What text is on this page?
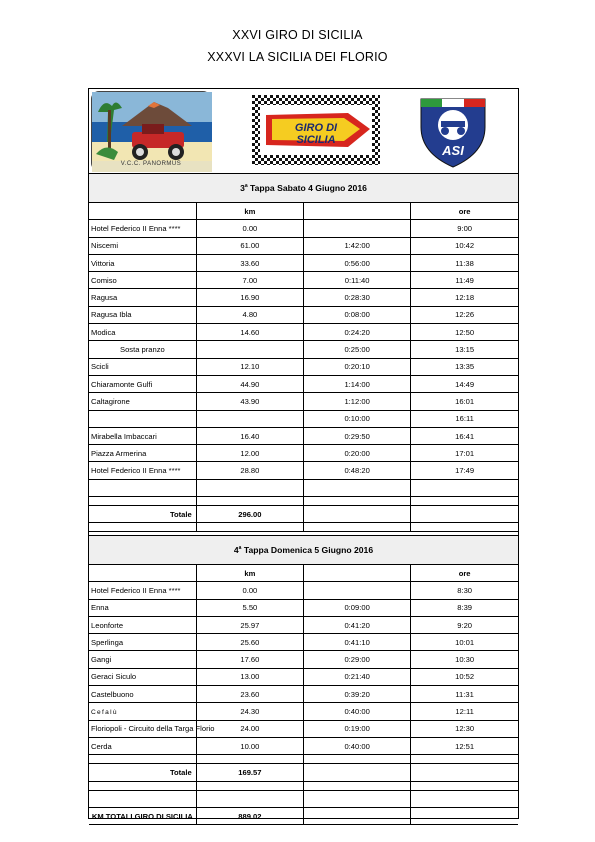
XXVI GIRO DI SICILIA
XXXVI LA SICILIA DEI FLORIO
V.C.C. PANORMUS
GIRO DI SICILIA
ASI
3$^a$ Tappa Sabato 4 Giugno 2016			
	km		ore
Hotel Federico II Enna ****	0.00		9:00
Niscemi	61.00	1:42:00	10:42
Vittoria	33.60	0:56:00	11:38
Comiso	7.00	0:11:40	11:49
Ragusa	16.90	0:28:30	12:18
Ragusa Ibla	4.80	0:08:00	12:26
Modica	14.60	0:24:20	12:50
Sosta pranzo		0:25:00	13:15
Scicli	12.10	0:20:10	13:35
Chiaramonte Gulfi	44.90	1:14:00	14:49
Caltagirone	43.90	1:12:00	16:01
		0:10:00	16:11
Mirabella Imbaccari	16.40	0:29:50	16:41
Piazza Armerina	12.00	0:20:00	17:01
Hotel Federico II Enna ****	28.80	0:48:20	17:49

Totale	296.00		

4$^a$ Tappa Domenica 5 Giugno 2016			
	km		ore
Hotel Federico II Enna ****	0.00		8:30
Enna	5.50	0:09:00	8:39
Leonforte	25.97	0:41:20	9:20
Sperlinga	25.60	0:41:10	10:01
Gangi	17.60	0:29:00	10:30
Geraci Siculo	13.00	0:21:40	10:52
Castelbuono	23.60	0:39:20	11:31
Cefalù	24.30	0:40:00	12:11
Floriopoli - Circuito della Targa Florio	24.00	0:19:00	12:30
Cerda	10.00	0:40:00	12:51

Totale	169.57		

KM TOTALI GIRO DI SICILIA	889.02		
